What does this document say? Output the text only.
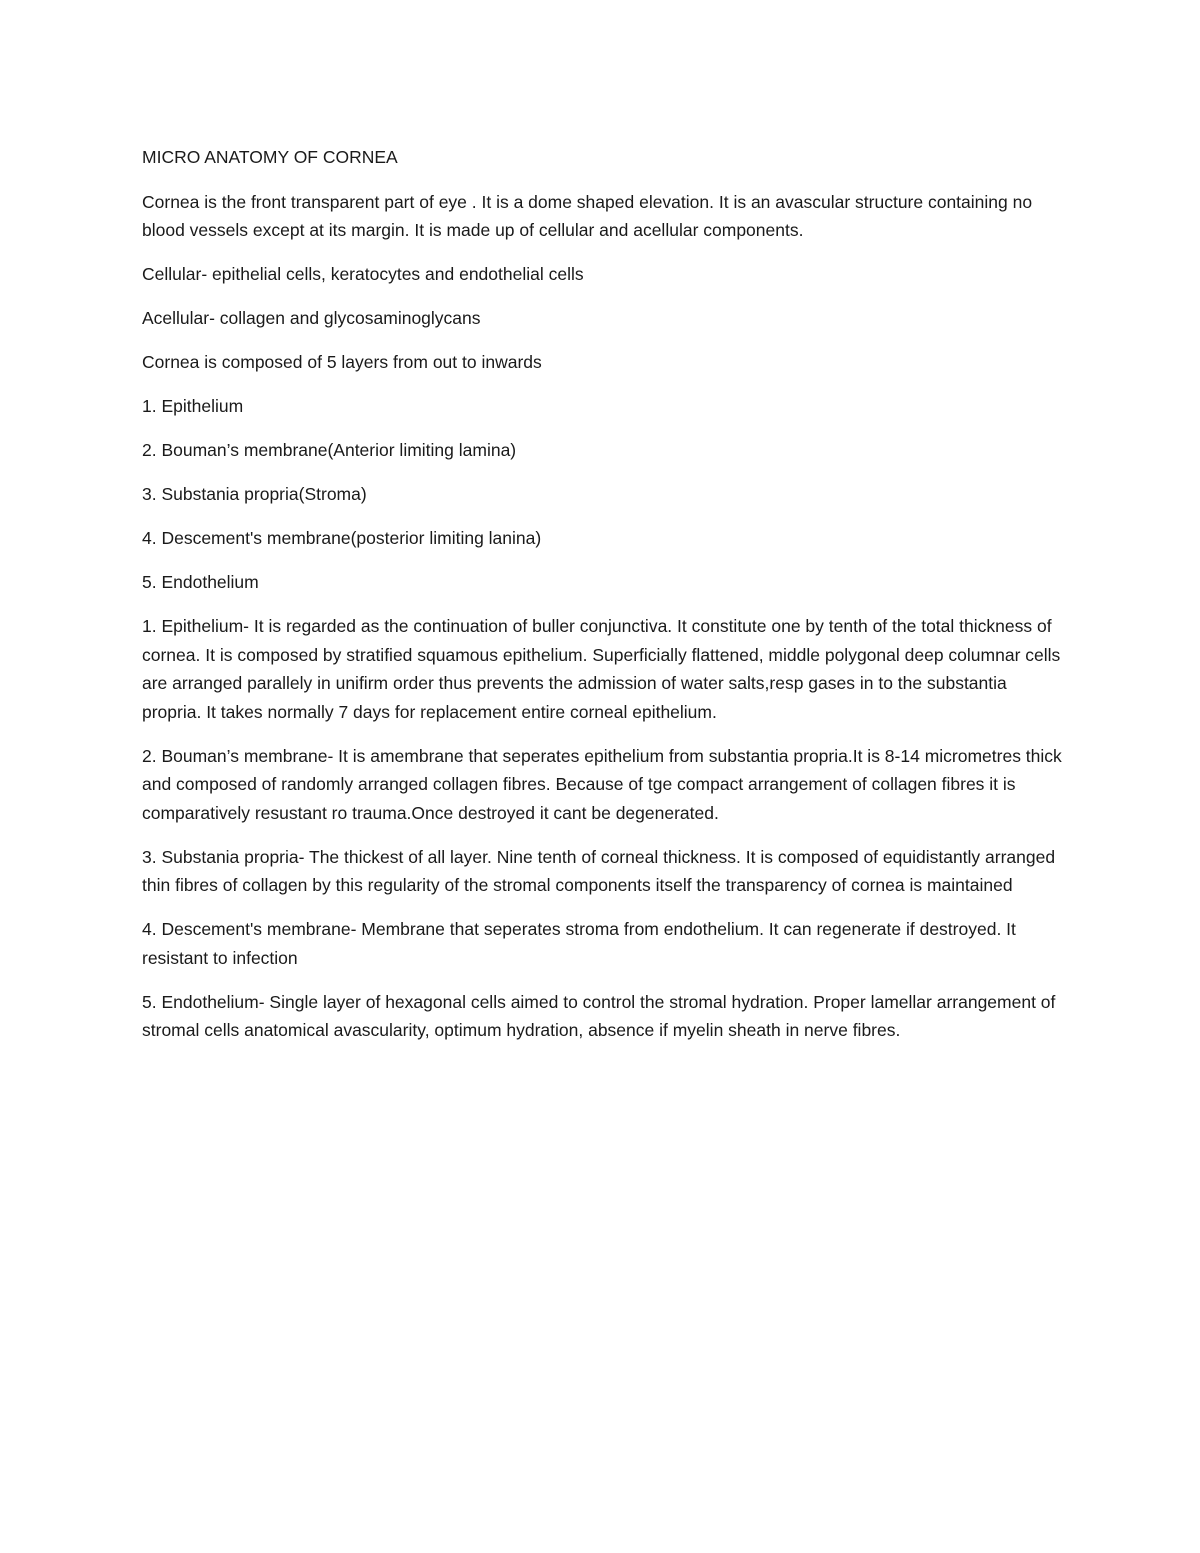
MICRO ANATOMY OF CORNEA

Cornea is the front transparent part of eye . It is a dome shaped elevation. It is an avascular structure containing no blood vessels except at its margin. It is made up of cellular and acellular components.

Cellular- epithelial cells, keratocytes and endothelial cells

Acellular- collagen and glycosaminoglycans

Cornea is composed of 5 layers from out to inwards

1. Epithelium

2. Bouman’s membrane(Anterior limiting lamina)

3. Substania propria(Stroma)

4. Descement's membrane(posterior limiting lanina)

5. Endothelium

1. Epithelium- It is regarded as the continuation of buller conjunctiva. It constitute one by tenth of the total thickness of cornea. It is composed by stratified squamous epithelium. Superficially flattened, middle polygonal deep columnar cells are arranged parallely in unifirm order thus prevents the admission of water salts,resp gases in to the substantia propria. It takes normally 7 days for replacement entire corneal epithelium.

2. Bouman’s membrane- It is amembrane that seperates epithelium from substantia propria.It is 8-14 micrometres thick and composed of randomly arranged collagen fibres. Because of tge compact arrangement of collagen fibres it is comparatively resustant ro trauma.Once destroyed it cant be degenerated.

3. Substania propria- The thickest of all layer. Nine tenth of corneal thickness. It is composed of equidistantly arranged thin fibres of collagen by this regularity of the stromal components itself the transparency of cornea is maintained

4. Descement's membrane- Membrane that seperates stroma from endothelium. It can regenerate if destroyed. It resistant to infection

5. Endothelium- Single layer of hexagonal cells aimed to control the stromal hydration. Proper lamellar arrangement of stromal cells anatomical avascularity, optimum hydration, absence if myelin sheath in nerve fibres.
